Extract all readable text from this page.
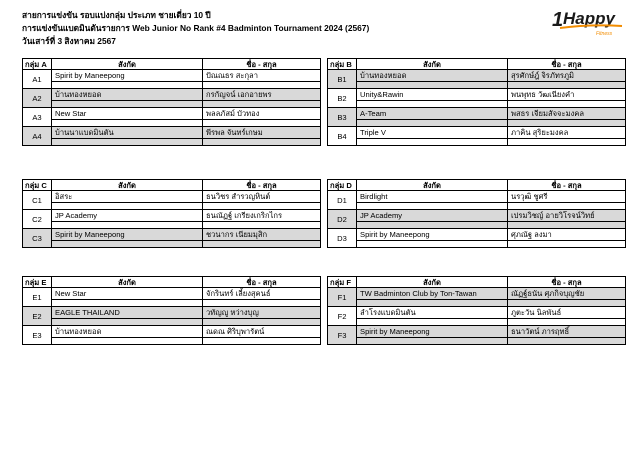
สายการแข่งขัน รอบแบ่งกลุ่ม ประเภท ชายเดี่ยว 10 ปี
การแข่งขันแบดมินตันรายการ Web Junior No Rank #4 Badminton Tournament 2024 (2567)
วันเสาร์ที่ 3 สิงหาคม 2567
1 Happy
Fitness
กลุ่ม A	สังกัด	ชื่อ - สกุล
A1	Spirit by Maneepong	ปัณณธร สะกุลา

A2	บ้านทองหยอด	กรกัญจน์ เอกอายพร

A3	New Star	พลลภัสม์ บัวทอง

A4	บ้านนาแบดมินตัน	พีรพล จันทร์เกษม

กลุ่ม B	สังกัด	ชื่อ - สกุล
B1	บ้านทองหยอด	สุรศักษ์ฎ์ จิรภัทรภูมิ

B2	Unity&Rawin	พนพุทธ วัฒเนียงคำ

B3	A-Team	พสธร เจียมสัจจะมงคล

B4	Triple V	ภาคิน สุริยะมงคล

กลุ่ม C	สังกัด	ชื่อ - สกุล
C1	อิสระ	ธนวิชร สำรวญหินต์

C2	JP Academy	ธนณัฏฐ์ เกรียงเกริกไกร

C3	Spirit by Maneepong	ชวนากร เนียมมุสิก

กลุ่ม D	สังกัด	ชื่อ - สกุล
D1	Birdlight	นรวุฒิ ชูศรี

D2	JP Academy	เปรมวิชญ์ อายวิโรจน์วิทย์

D3	Spirit by Maneepong	ศุภณัฐ ลงมา

กลุ่ม E	สังกัด	ชื่อ - สกุล
E1	New Star	จักรินทร์ เลี้ยงสุคนธ์

E2	EAGLE THAILAND	วทัญญู หว่างบุญ

E3	บ้านทองหยอด	ณดณ ศิริบุพารัตน์

กลุ่ม F	สังกัด	ชื่อ - สกุล
F1	TW Badminton Club by Ton-Tawan	ณัฏฐ์ธนัน ศุภกิจบุญชัย

F2	ลำโรงแบดมินตัน	ภูตะวัน นิลพันธ์

F3	Spirit by Maneepong	ธนาวัตน์ ภารฤทธิ์
